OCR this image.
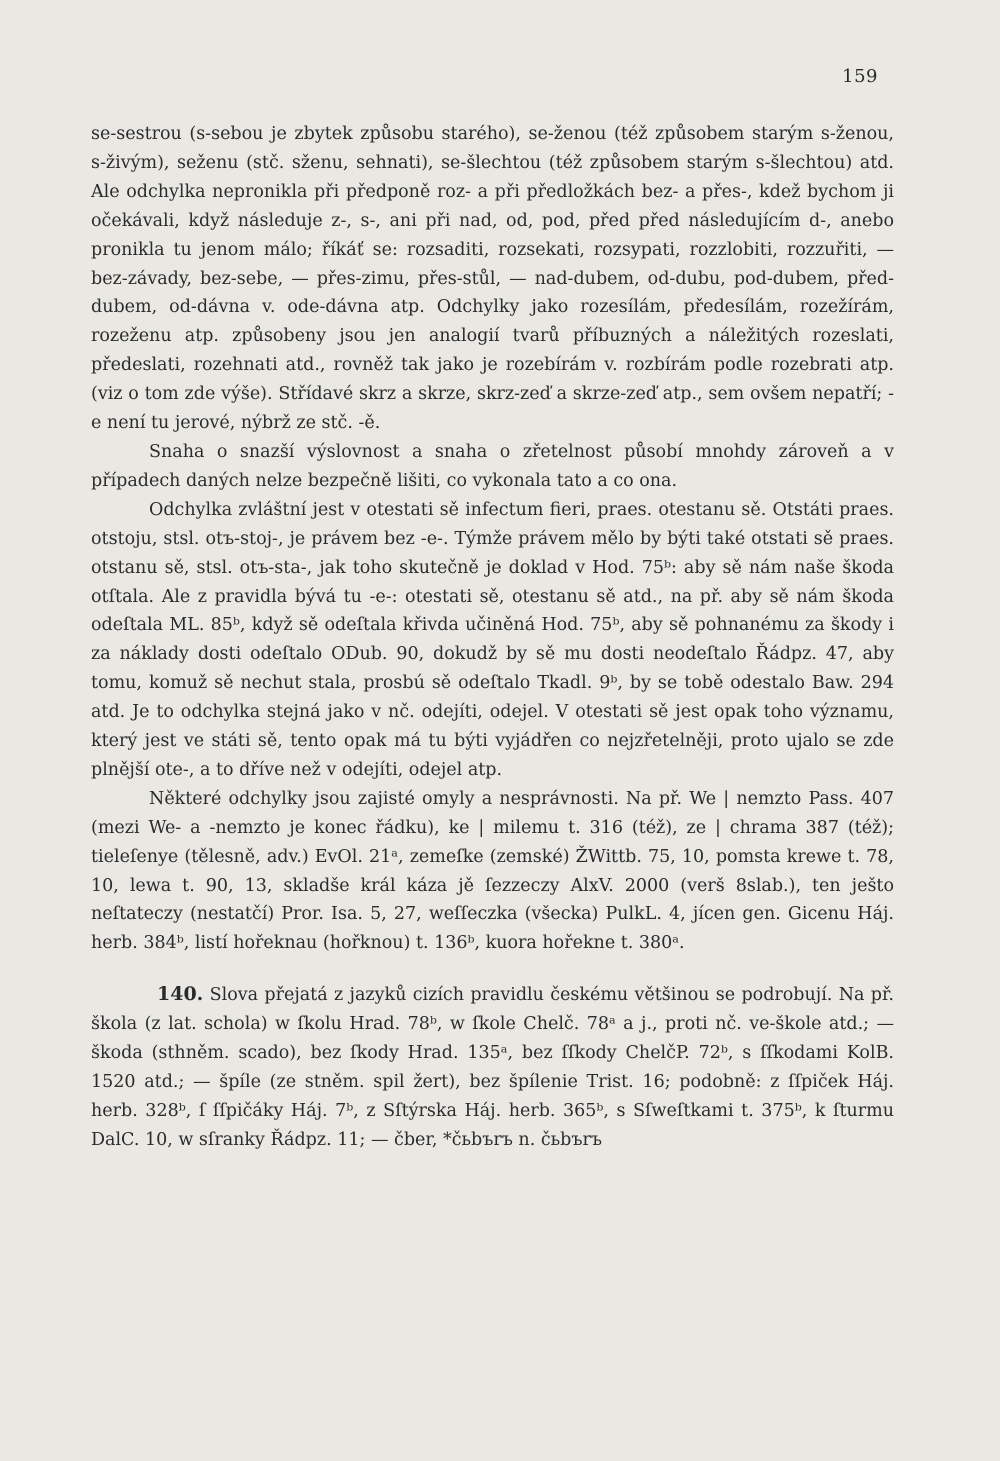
159

se-sestrou (s-sebou je zbytek způsobu starého), se-ženou (též způsobem starým s-ženou, s-živým), seženu (stč. sženu, sehnati), se-šlechtou (též způsobem starým s-šlechtou) atd. Ale odchylka nepronikla při předponě roz- a při předložkách bez- a přes-, kdež bychom ji očekávali, když následuje z-, s-, ani při nad, od, pod, před před následujícím d-, anebo pronikla tu jenom málo; říkáť se: rozsaditi, rozsekati, rozsypati, rozzlobiti, rozzuřiti, — bez-závady, bez-sebe, — přes-zimu, přes-stůl, — nad-dubem, od-dubu, pod-dubem, před-dubem, od-dávna v. ode-dávna atp. Odchylky jako rozesílám, předesílám, rozežírám, rozeženu atp. způsobeny jsou jen analogií tvarů příbuzných a náležitých rozeslati, předeslati, rozehnati atd., rovněž tak jako je rozebírám v. rozbírám podle rozebrati atp. (viz o tom zde výše). Střídavé skrz a skrze, skrz-zeď a skrze-zeď atp., sem ovšem nepatří; -e není tu jerové, nýbrž ze stč. -ě.

Snaha o snazší výslovnost a snaha o zřetelnost působí mnohdy zároveň a v případech daných nelze bezpečně lišiti, co vykonala tato a co ona.

Odchylka zvláštní jest v otestati sě infectum fieri, praes. otestanu sě. Otstáti praes. otstoju, stsl. otъ-stoj-, je právem bez -e-. Týmže právem mělo by býti také otstati sě praes. otstanu sě, stsl. otъ-sta-, jak toho skutečně je doklad v Hod. 75ᵇ: aby sě nám naše škoda otſtala. Ale z pravidla bývá tu -e-: otestati sě, otestanu sě atd., na př. aby sě nám škoda odeſtala ML. 85ᵇ, když sě odeſtala křivda učiněná Hod. 75ᵇ, aby sě pohnanému za škody i za náklady dosti odeſtalo ODub. 90, dokudž by sě mu dosti neodeſtalo Řádpz. 47, aby tomu, komuž sě nechut stala, prosbú sě odeſtalo Tkadl. 9ᵇ, by se tobě odestalo Baw. 294 atd. Je to odchylka stejná jako v nč. odejíti, odejel. V otestati sě jest opak toho významu, který jest ve státi sě, tento opak má tu býti vyjádřen co nejzřetelněji, proto ujalo se zde plnější ote-, a to dříve než v odejíti, odejel atp.

Některé odchylky jsou zajisté omyly a nesprávnosti. Na př. We | nemzto Pass. 407 (mezi We- a -nemzto je konec řádku), ke | milemu t. 316 (též), ze | chrama 387 (též); tieleſenye (tělesně, adv.) EvOl. 21ᵃ, zemeſke (zemské) ŽWittb. 75, 10, pomsta krewe t. 78, 10, lewa t. 90, 13, skladše král káza jě ſezzeczy AlxV. 2000 (verš 8slab.), ten ješto neſtateczy (nestatčí) Pror. Isa. 5, 27, weſſeczka (všecka) PulkL. 4, jícen gen. Gicenu Háj. herb. 384ᵇ, listí hořeknau (hořknou) t. 136ᵇ, kuora hořekne t. 380ᵃ.

140. Slova přejatá z jazyků cizích pravidlu českému většinou se podrobují. Na př. škola (z lat. schola) w ſkolu Hrad. 78ᵇ, w ſkole Chelč. 78ᵃ a j., proti nč. ve-škole atd.; — škoda (sthněm. scado), bez ſkody Hrad. 135ᵃ, bez ſſkody ChelčP. 72ᵇ, s ſſkodami KolB. 1520 atd.; — špíle (ze stněm. spil žert), bez špílenie Trist. 16; podobně: z ſſpiček Háj. herb. 328ᵇ, ſ ſſpičáky Háj. 7ᵇ, z Sſtýrska Háj. herb. 365ᵇ, s Sſweſtkami t. 375ᵇ, k ſturmu DalC. 10, w sſranky Řádpz. 11; — čber, *čьbъrъ n. čьbъrъ
